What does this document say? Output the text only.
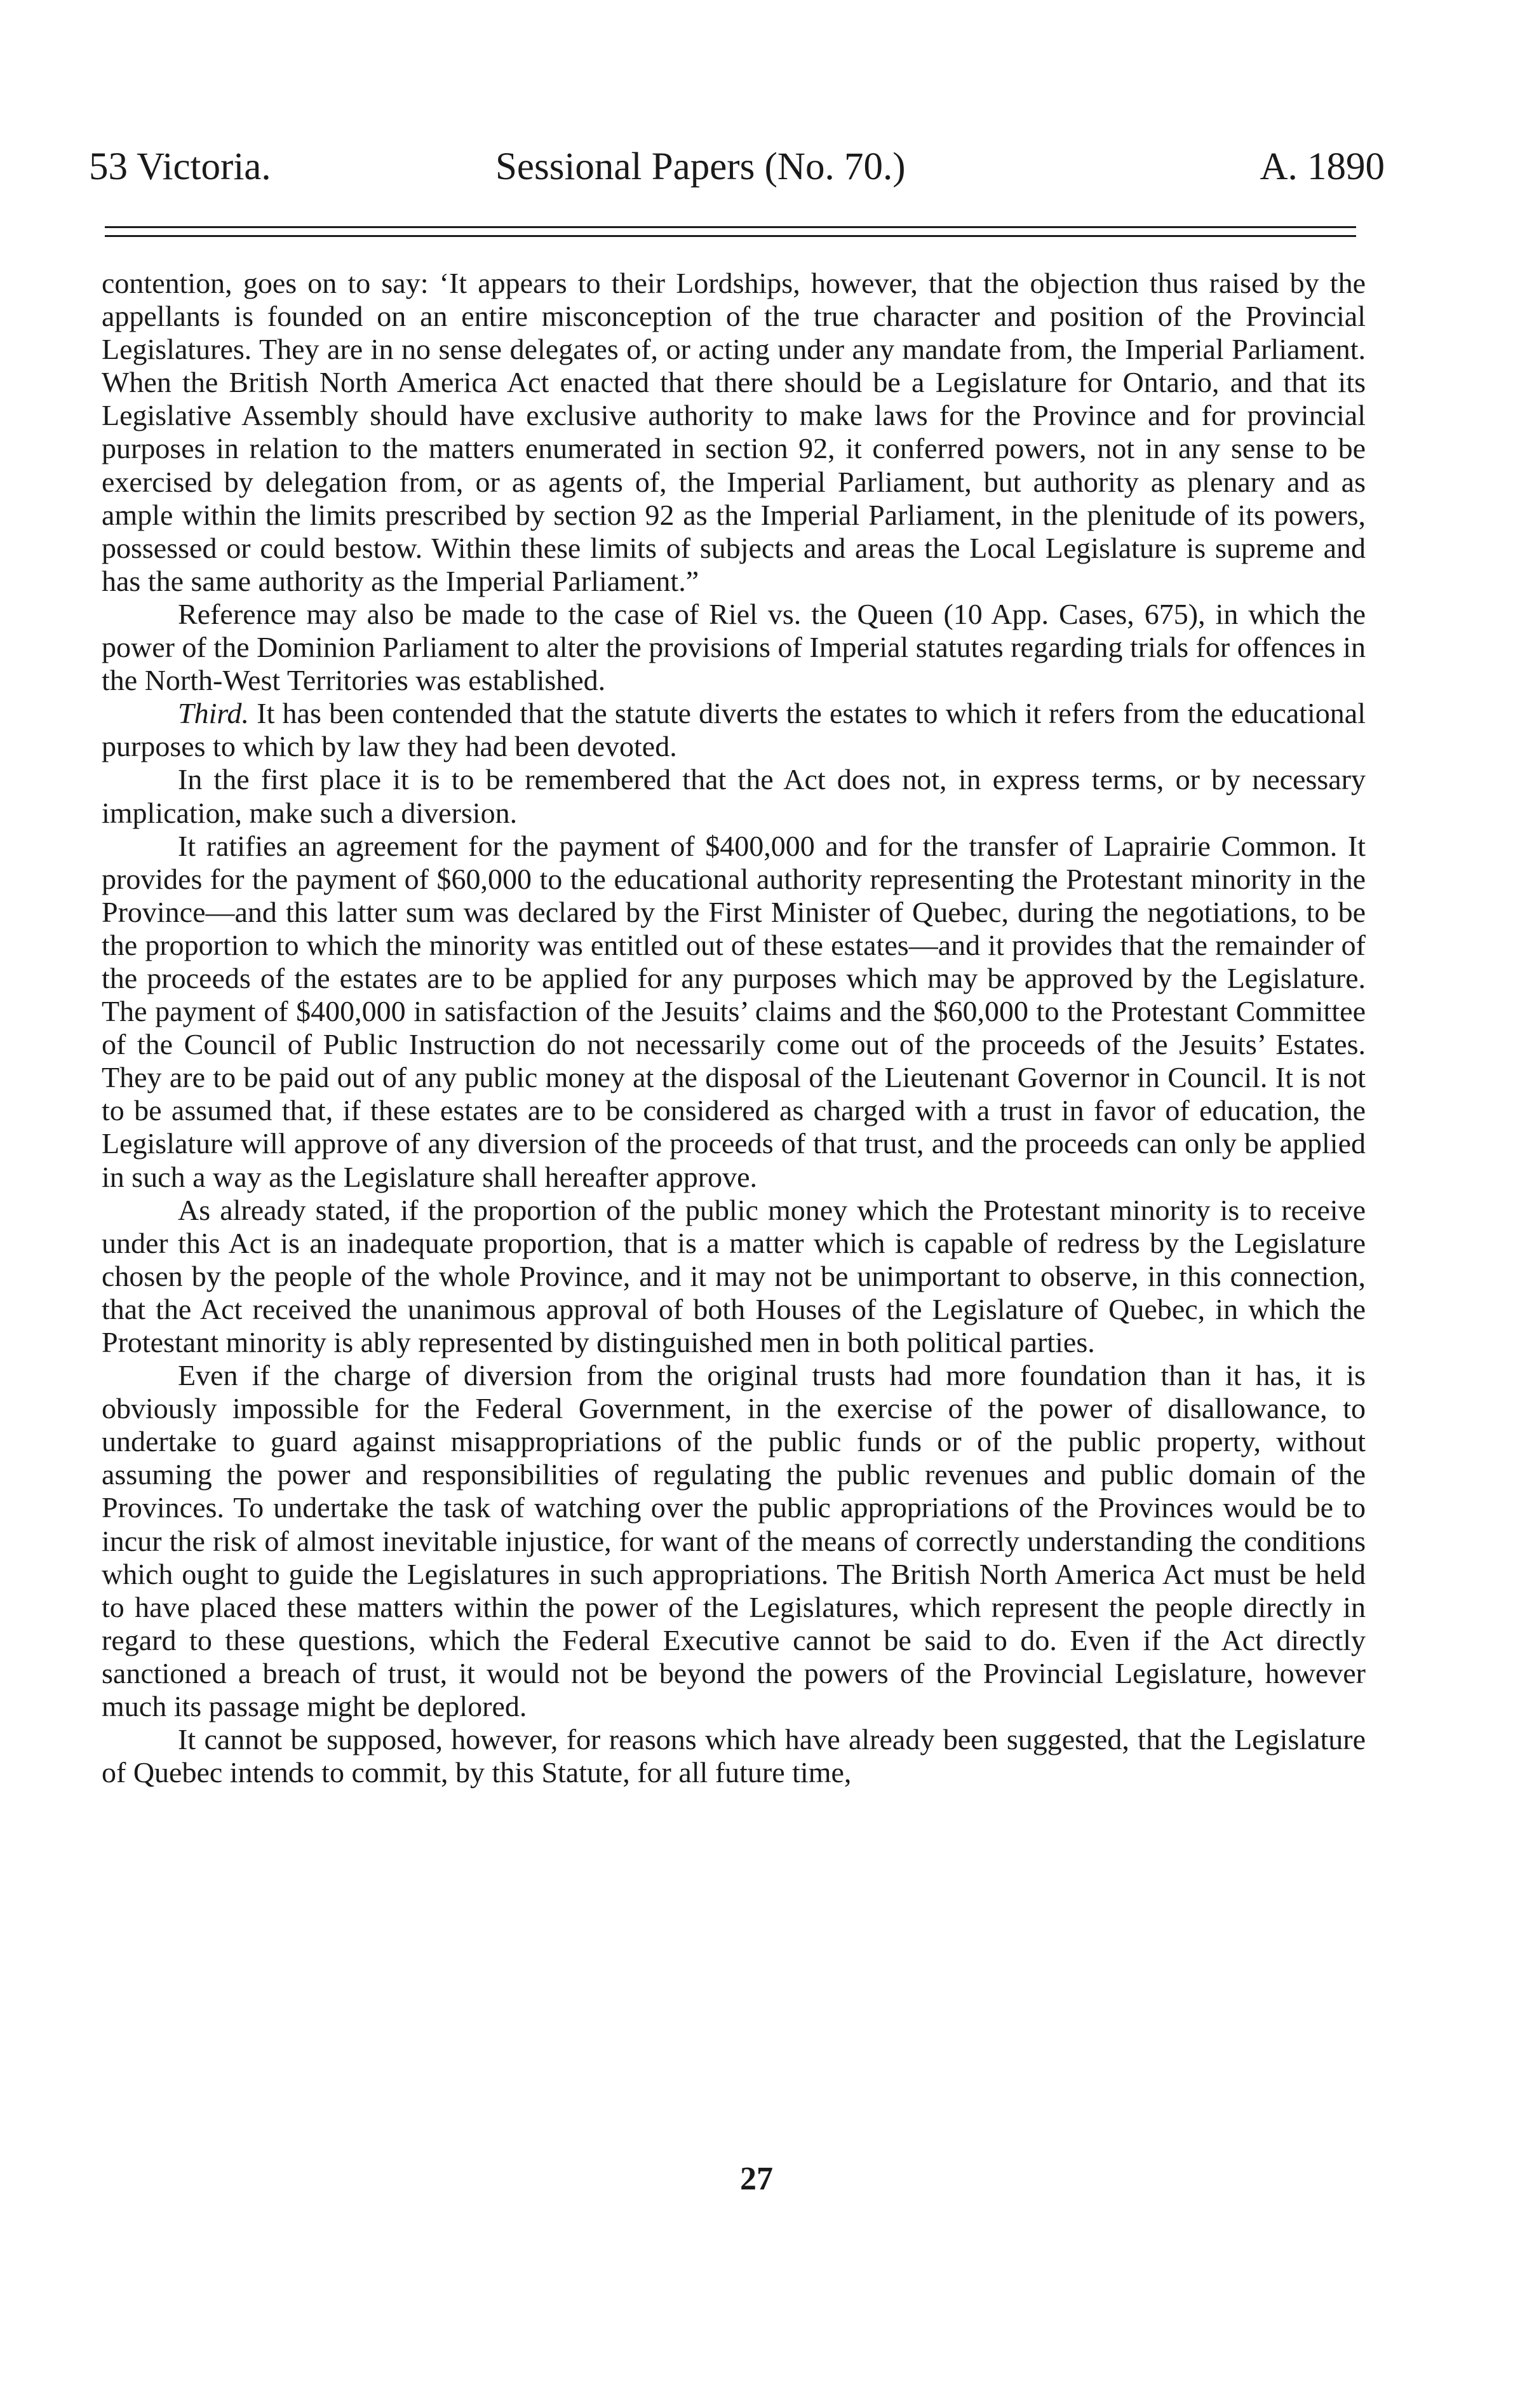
53 Victoria.	Sessional Papers (No. 70.)	A. 1890

contention, goes on to say: ‘It appears to their Lordships, however, that the objection thus raised by the appellants is founded on an entire misconception of the true character and position of the Provincial Legislatures. They are in no sense delegates of, or acting under any mandate from, the Imperial Parliament. When the British North America Act enacted that there should be a Legislature for Ontario, and that its Legislative Assembly should have exclusive authority to make laws for the Province and for provincial purposes in relation to the matters enumerated in section 92, it conferred powers, not in any sense to be exercised by delegation from, or as agents of, the Imperial Parliament, but authority as plenary and as ample within the limits prescribed by section 92 as the Imperial Parliament, in the plenitude of its powers, possessed or could bestow. Within these limits of subjects and areas the Local Legislature is supreme and has the same authority as the Imperial Parliament.”

Reference may also be made to the case of Riel vs. the Queen (10 App. Cases, 675), in which the power of the Dominion Parliament to alter the provisions of Imperial statutes regarding trials for offences in the North-West Territories was established.

Third. It has been contended that the statute diverts the estates to which it refers from the educational purposes to which by law they had been devoted.

In the first place it is to be remembered that the Act does not, in express terms, or by necessary implication, make such a diversion.

It ratifies an agreement for the payment of $400,000 and for the transfer of Laprairie Common. It provides for the payment of $60,000 to the educational authority representing the Protestant minority in the Province—and this latter sum was declared by the First Minister of Quebec, during the negotiations, to be the proportion to which the minority was entitled out of these estates—and it provides that the remainder of the proceeds of the estates are to be applied for any purposes which may be approved by the Legislature. The payment of $400,000 in satisfaction of the Jesuits’ claims and the $60,000 to the Protestant Committee of the Council of Public Instruction do not necessarily come out of the proceeds of the Jesuits’ Estates. They are to be paid out of any public money at the disposal of the Lieutenant Governor in Council. It is not to be assumed that, if these estates are to be considered as charged with a trust in favor of education, the Legislature will approve of any diversion of the proceeds of that trust, and the proceeds can only be applied in such a way as the Legislature shall hereafter approve.

As already stated, if the proportion of the public money which the Protestant minority is to receive under this Act is an inadequate proportion, that is a matter which is capable of redress by the Legislature chosen by the people of the whole Province, and it may not be unimportant to observe, in this connection, that the Act received the unanimous approval of both Houses of the Legislature of Quebec, in which the Protestant minority is ably represented by distinguished men in both political parties.

Even if the charge of diversion from the original trusts had more foundation than it has, it is obviously impossible for the Federal Government, in the exercise of the power of disallowance, to undertake to guard against misappropriations of the public funds or of the public property, without assuming the power and responsibilities of regulating the public revenues and public domain of the Provinces. To undertake the task of watching over the public appropriations of the Provinces would be to incur the risk of almost inevitable injustice, for want of the means of correctly understanding the conditions which ought to guide the Legislatures in such appropriations. The British North America Act must be held to have placed these matters within the power of the Legislatures, which represent the people directly in regard to these questions, which the Federal Executive cannot be said to do. Even if the Act directly sanctioned a breach of trust, it would not be beyond the powers of the Provincial Legislature, however much its passage might be deplored.

It cannot be supposed, however, for reasons which have already been suggested, that the Legislature of Quebec intends to commit, by this Statute, for all future time,

27
